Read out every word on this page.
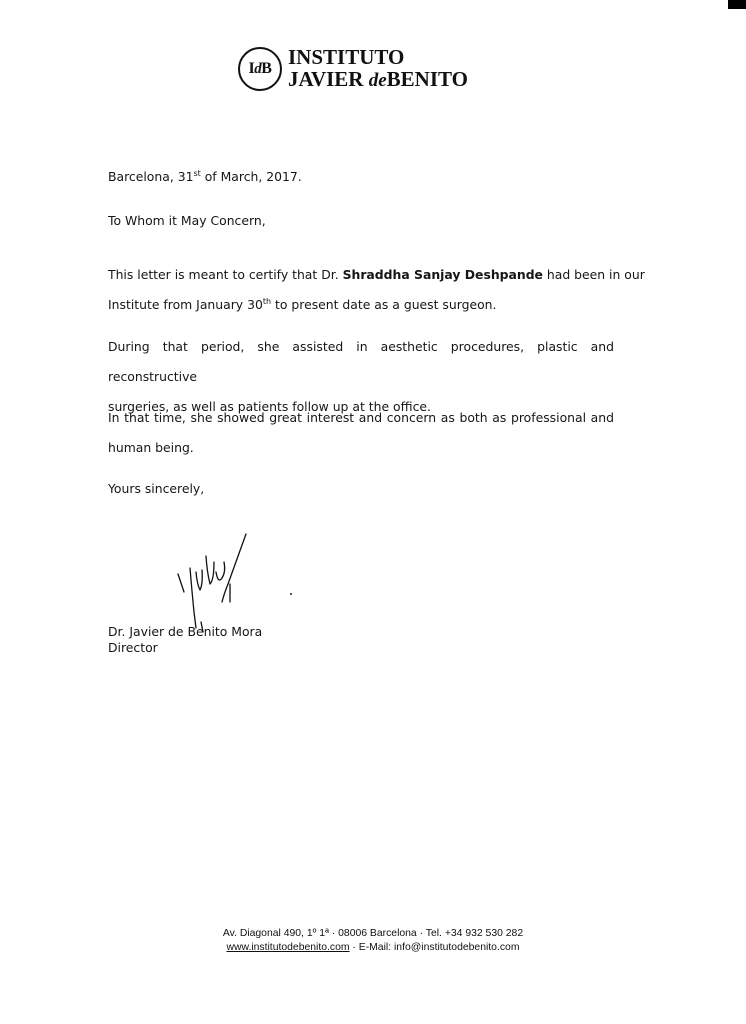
I d B INSTITUTO
JAVIER deBENITO
Barcelona, 31st of March, 2017.
To Whom it May Concern,
This letter is meant to certify that Dr. Shraddha Sanjay Deshpande had been in our
Institute from January 30th to present date as a guest surgeon.
During that period, she assisted in aesthetic procedures, plastic and reconstructive
surgeries, as well as patients follow up at the office.
In that time, she showed great interest and concern as both as professional and
human being.
Yours sincerely,
Dr. Javier de Benito Mora
Director
Av. Diagonal 490, 1º 1ª · 08006 Barcelona · Tel. +34 932 530 282
www.institutodebenito.com · E-Mail: info@institutodebenito.com
